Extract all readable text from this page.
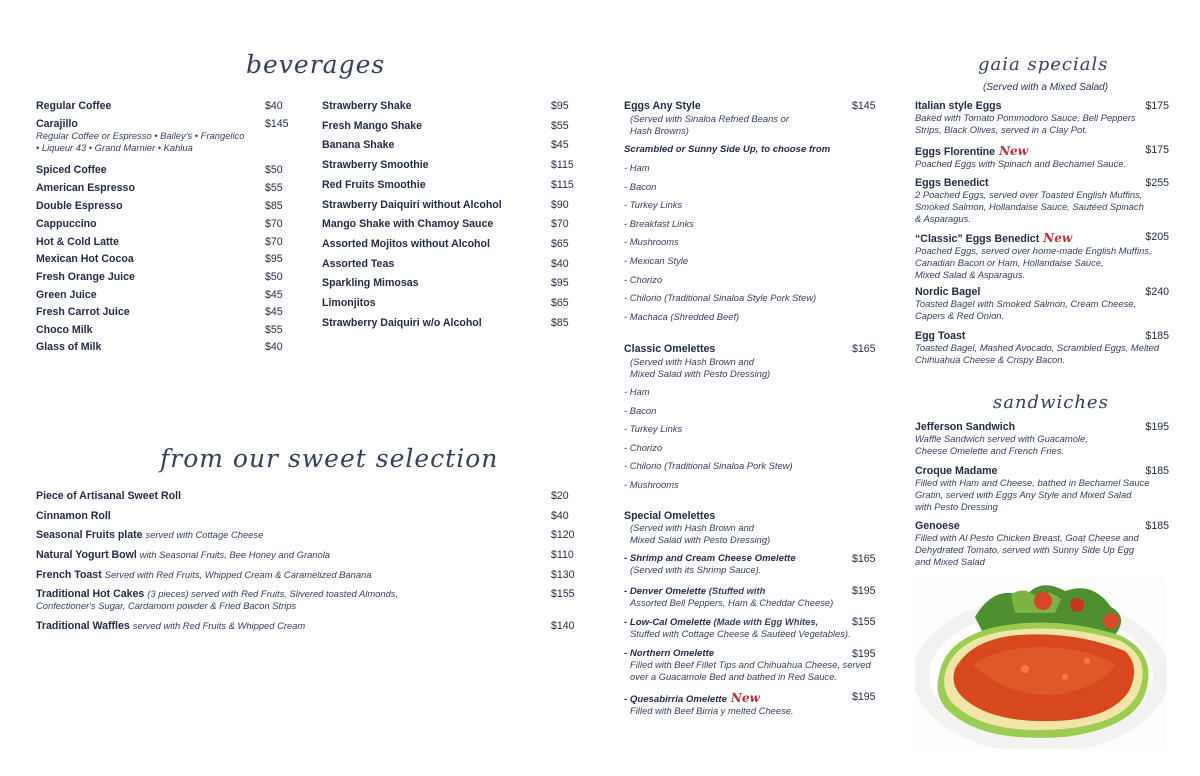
beverages
from our sweet selection
gaia specials
(Served with a Mixed Salad)
sandwiches
Regular Coffee	$40
Carajillo
Regular Coffee or Espresso • Bailey's • Frangelico
• Liqueur 43 • Grand Marnier • Kahlua
$145
Spiced Coffee	$50
American Espresso	$55
Double Espresso	$85
Cappuccino	$70
Hot & Cold Latte	$70
Mexican Hot Cocoa	$95
Fresh Orange Juice	$50
Green Juice	$45
Fresh Carrot Juice	$45
Choco Milk	$55
Glass of Milk	$40
Strawberry Shake	$95
Fresh Mango Shake	$55
Banana Shake	$45
Strawberry Smoothie	$115
Red Fruits Smoothie	$115
Strawberry Daiquiri without Alcohol	$90
Mango Shake with Chamoy Sauce	$70
Assorted Mojitos without Alcohol	$65
Assorted Teas	$40
Sparkling Mimosas	$95
Limonjitos	$65
Strawberry Daiquiri w/o Alcohol	$85
Piece of Artisanal Sweet Roll	$20
Cinnamon Roll	$40
Seasonal Fruits plate served with Cottage Cheese	$120
Natural Yogurt Bowl with Seasonal Fruits, Bee Honey and Granola	$110
French Toast Served with Red Fruits, Whipped Cream & Caramelized Banana	$130
Traditional Hot Cakes (3 pieces) served with Red Fruits, Slivered toasted Almonds,
Confectioner's Sugar, Cardamom powder & Fried Bacon Strips
$155
Traditional Waffles served with Red Fruits & Whipped Cream	$140
Eggs Any Style	$145
(Served with Sinaloa Refried Beans or
Hash Browns)
Scrambled or Sunny Side Up, to choose from
- Ham
- Bacon
- Turkey Links
- Breakfast Links
- Mushrooms
- Mexican Style
- Chorizo
- Chilorio (Traditional Sinaloa Style Pork Stew)
- Machaca (Shredded Beef)
Classic Omelettes	$165
(Served with Hash Brown and
Mixed Salad with Pesto Dressing)
- Ham
- Bacon
- Turkey Links
- Chorizo
- Chilorio (Traditional Sinaloa Pork Stew)
- Mushrooms
Special Omelettes
(Served with Hash Brown and
Mixed Salad with Pesto Dressing)
- Shrimp and Cream Cheese Omelette
(Served with its Shrimp Sauce).
$165
- Denver Omelette (Stuffed with
Assorted Bell Peppers, Ham & Cheddar Cheese)
$195
- Low-Cal Omelette (Made with Egg Whites,
Stuffed with Cottage Cheese & Sautéed Vegetables).
$155
- Northern Omelette
Filled with Beef Fillet Tips and Chihuahua Cheese, served
over a Guacamole Bed and bathed in Red Sauce.
$195
- Quesabirria Omelette New
Filled with Beef Birria y melted Cheese.
$195
Italian style Eggs
Baked with Tomato Pommodoro Sauce, Bell Peppers
Strips, Black Olives, served in a Clay Pot.
$175
Eggs Florentine New
Poached Eggs with Spinach and Bechamel Sauce.
$175
Eggs Benedict
2 Poached Eggs, served over Toasted English Muffins,
Smoked Salmon, Hollandaise Sauce, Sautéed Spinach
& Asparagus.
$255
“Classic” Eggs Benedict New
Poached Eggs, served over home-made English Muffins,
Canadian Bacon or Ham, Hollandaise Sauce,
Mixed Salad & Asparagus.
$205
Nordic Bagel
Toasted Bagel with Smoked Salmon, Cream Cheese,
Capers & Red Onion.
$240
Egg Toast
Toasted Bagel, Mashed Avocado, Scrambled Eggs, Melted
Chihuahua Cheese & Crispy Bacon.
$185
Jefferson Sandwich
Waffle Sandwich served with Guacamole,
Cheese Omelette and French Fries.
$195
Croque Madame
Filled with Ham and Cheese, bathed in Bechamel Sauce
Gratin, served with Eggs Any Style and Mixed Salad
with Pesto Dressing
$185
Genoese
Filled with Al Pesto Chicken Breast, Goat Cheese and
Dehydrated Tomato, served with Sunny Side Up Egg
and Mixed Salad
$185
